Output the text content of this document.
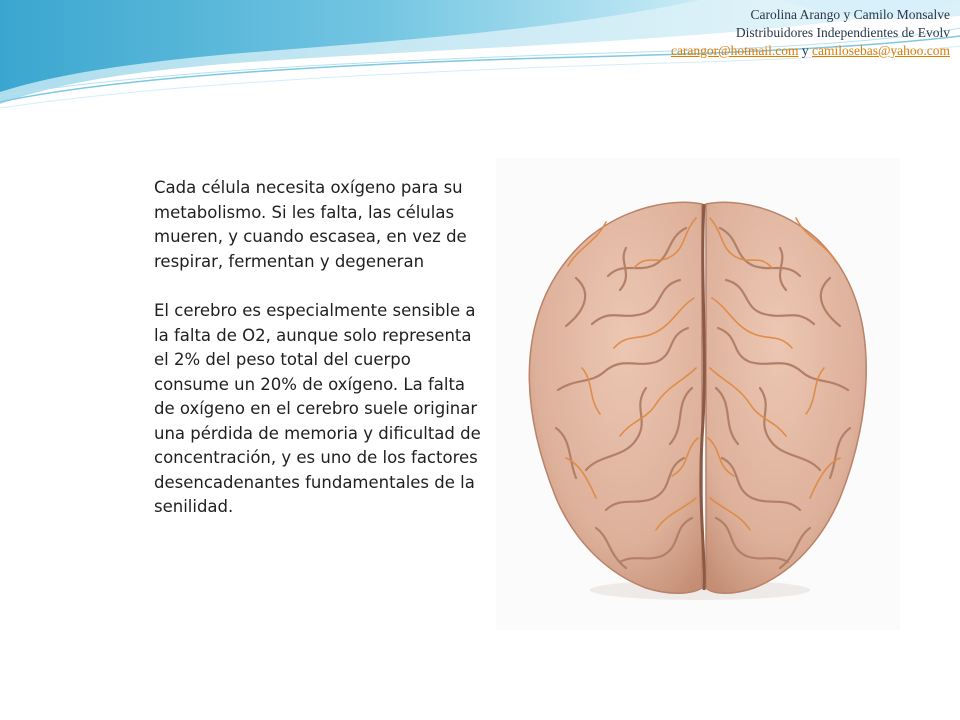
Carolina Arango y Camilo Monsalve
Distribuidores Independientes de Evolv
carangor@hotmail.com y camilosebas@yahoo.com

Cada célula necesita oxígeno para su metabolismo. Si les falta, las células mueren, y cuando escasea, en vez de respirar, fermentan y degeneran

El cerebro es especialmente sensible a la falta de O2, aunque solo representa el 2% del peso total del cuerpo consume un 20% de oxígeno. La falta de oxígeno en el cerebro suele originar una pérdida de memoria y dificultad de concentración, y es uno de los factores desencadenantes fundamentales de la senilidad.
